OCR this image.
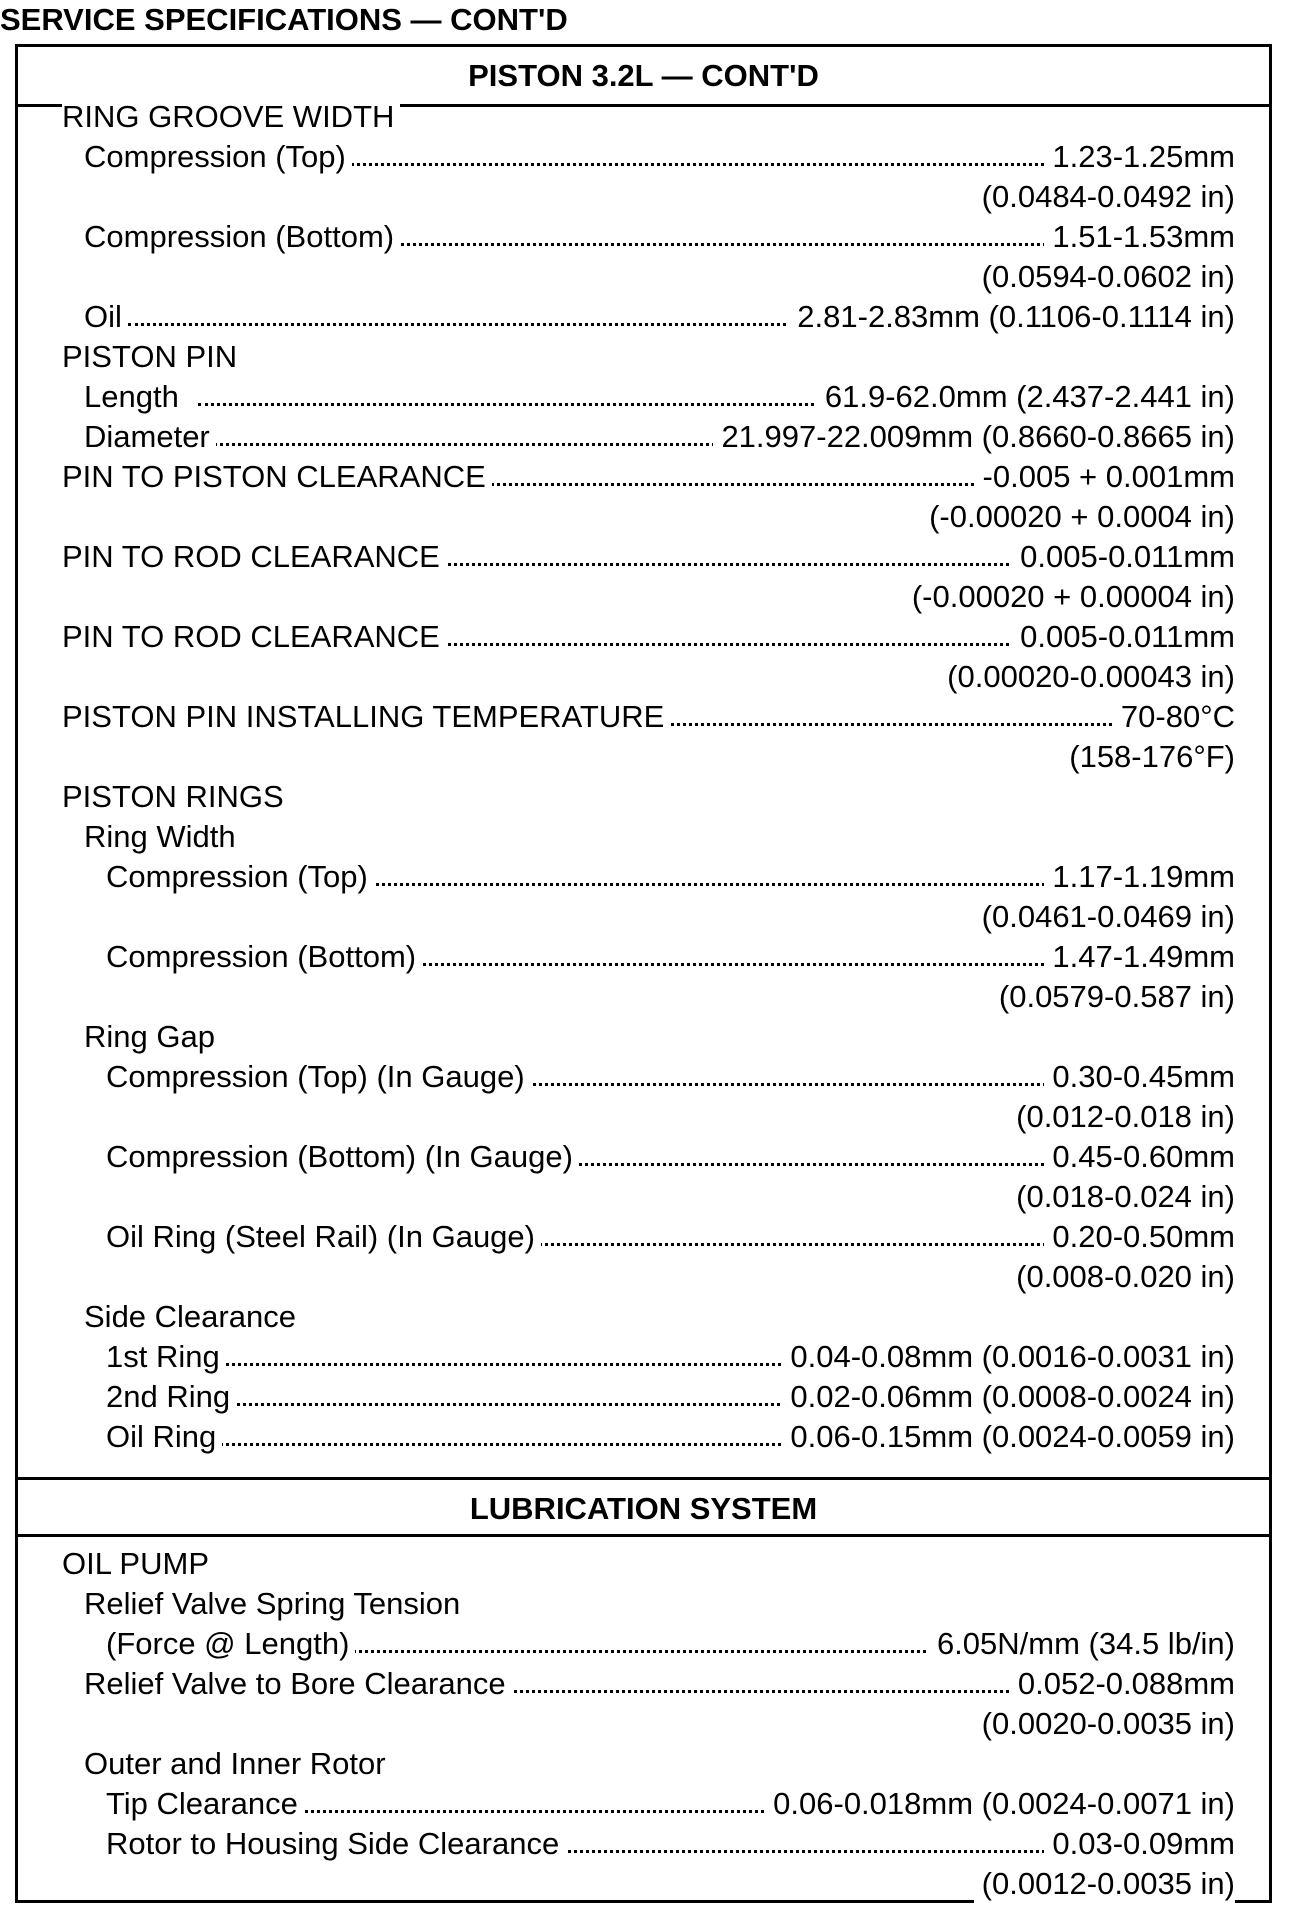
SERVICE SPECIFICATIONS — CONT'D
PISTON 3.2L — CONT'D
RING GROOVE WIDTH
Compression (Top)	1.23-1.25mm
(0.0484-0.0492 in)
Compression (Bottom)	1.51-1.53mm
(0.0594-0.0602 in)
Oil	2.81-2.83mm (0.1106-0.1114 in)
PISTON PIN
Length	61.9-62.0mm (2.437-2.441 in)
Diameter	21.997-22.009mm (0.8660-0.8665 in)
PIN TO PISTON CLEARANCE	-0.005 + 0.001mm
(-0.00020 + 0.0004 in)
PIN TO ROD CLEARANCE	0.005-0.011mm
(-0.00020 + 0.00004 in)
PIN TO ROD CLEARANCE	0.005-0.011mm
(0.00020-0.00043 in)
PISTON PIN INSTALLING TEMPERATURE	70-80°C
(158-176°F)
PISTON RINGS
Ring Width
Compression (Top)	1.17-1.19mm
(0.0461-0.0469 in)
Compression (Bottom)	1.47-1.49mm
(0.0579-0.587 in)
Ring Gap
Compression (Top) (In Gauge)	0.30-0.45mm
(0.012-0.018 in)
Compression (Bottom) (In Gauge)	0.45-0.60mm
(0.018-0.024 in)
Oil Ring (Steel Rail) (In Gauge)	0.20-0.50mm
(0.008-0.020 in)
Side Clearance
1st Ring	0.04-0.08mm (0.0016-0.0031 in)
2nd Ring	0.02-0.06mm (0.0008-0.0024 in)
Oil Ring	0.06-0.15mm (0.0024-0.0059 in)
LUBRICATION SYSTEM
OIL PUMP
Relief Valve Spring Tension
(Force @ Length)	6.05N/mm (34.5 lb/in)
Relief Valve to Bore Clearance	0.052-0.088mm
(0.0020-0.0035 in)
Outer and Inner Rotor
Tip Clearance	0.06-0.018mm (0.0024-0.0071 in)
Rotor to Housing Side Clearance	0.03-0.09mm
(0.0012-0.0035 in)
